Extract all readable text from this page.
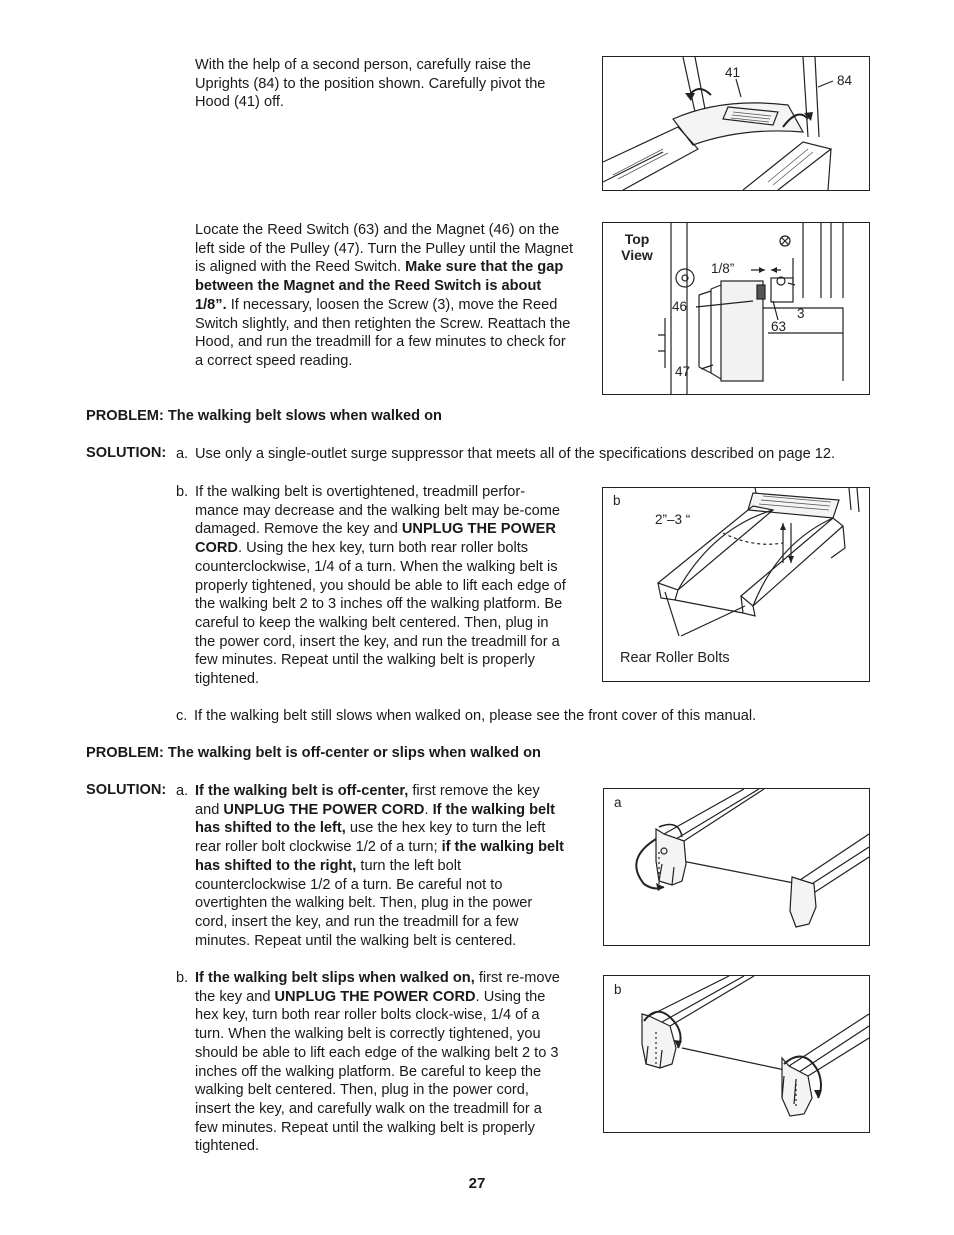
With the help of a second person, carefully raise the Uprights (84) to the position shown. Carefully pivot the Hood (41) off.
41
84
Locate the Reed Switch (63) and the Magnet (46) on the left side of the Pulley (47). Turn the Pulley until the Magnet is aligned with the Reed Switch. Make sure that the gap between the Magnet and the Reed Switch is about 1/8”. If necessary, loosen the Screw (3), move the Reed Switch slightly, and then retighten the Screw. Reattach the Hood, and run the treadmill for a few minutes to check for a correct speed reading.
Top
View
1/8”
46
63
3
47
PROBLEM: The walking belt slows when walked on
SOLUTION: a. Use only a single-outlet surge suppressor that meets all of the specifications described on page 12.
b. If the walking belt is overtightened, treadmill perfor-mance may decrease and the walking belt may be-come damaged. Remove the key and UNPLUG THE POWER CORD. Using the hex key, turn both rear roller bolts counterclockwise, 1/4 of a turn. When the walking belt is properly tightened, you should be able to lift each edge of the walking belt 2 to 3 inches off the walking platform. Be careful to keep the walking belt centered. Then, plug in the power cord, insert the key, and run the treadmill for a few minutes. Repeat until the walking belt is properly tightened.
b
2”–3 “
Rear Roller Bolts
c. If the walking belt still slows when walked on, please see the front cover of this manual.
PROBLEM: The walking belt is off-center or slips when walked on
SOLUTION: a. If the walking belt is off-center, first remove the key and UNPLUG THE POWER CORD. If the walking belt has shifted to the left, use the hex key to turn the left rear roller bolt clockwise 1/2 of a turn; if the walking belt has shifted to the right, turn the left bolt counterclockwise 1/2 of a turn. Be careful not to overtighten the walking belt. Then, plug in the power cord, insert the key, and run the treadmill for a few minutes. Repeat until the walking belt is centered.
a
b. If the walking belt slips when walked on, first re-move the key and UNPLUG THE POWER CORD. Using the hex key, turn both rear roller bolts clock-wise, 1/4 of a turn. When the walking belt is correctly tightened, you should be able to lift each edge of the walking belt 2 to 3 inches off the walking platform. Be careful to keep the walking belt centered. Then, plug in the power cord, insert the key, and carefully walk on the treadmill for a few minutes. Repeat until the walking belt is properly tightened.
b
27
